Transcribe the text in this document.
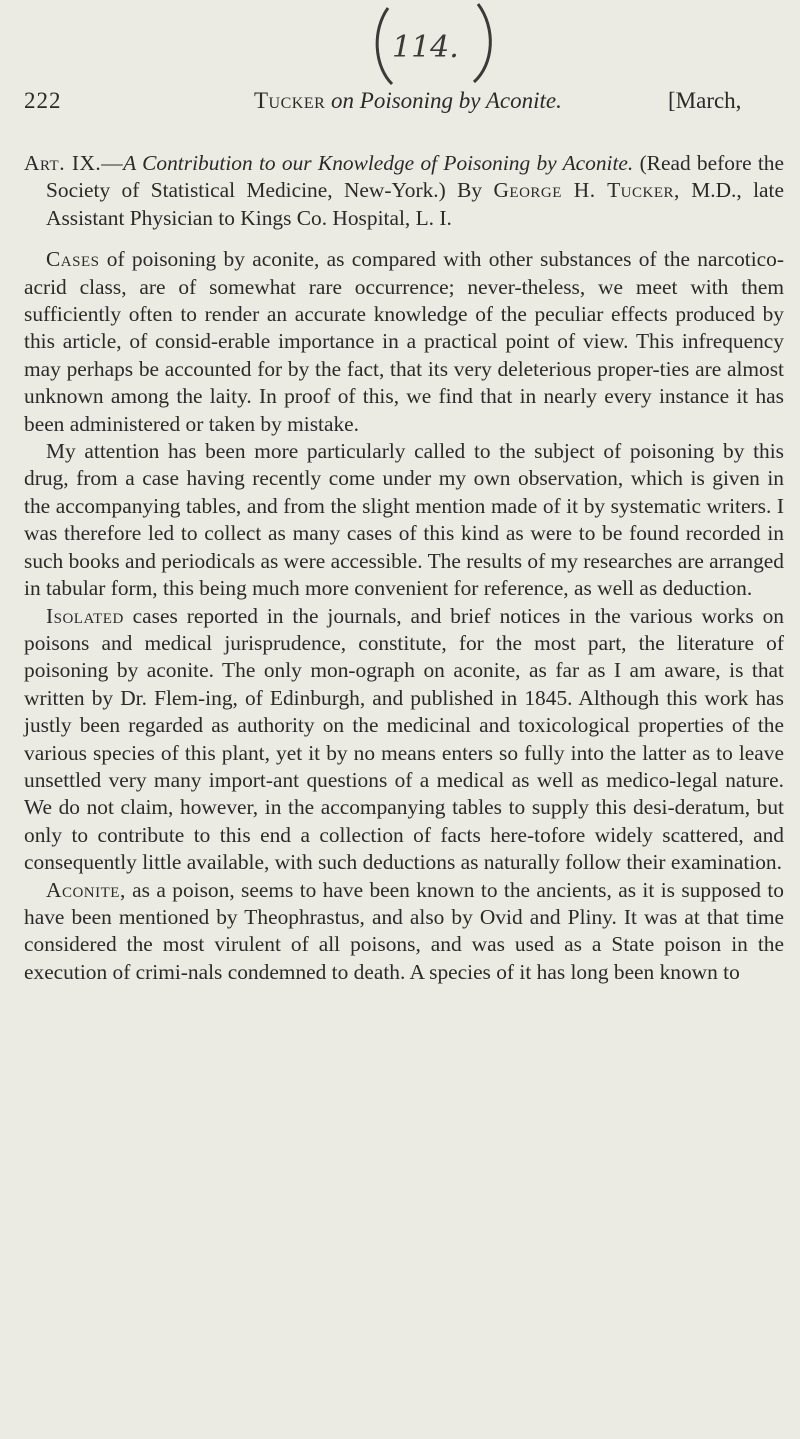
114.
222	Tucker on Poisoning by Aconite.	[March,
Art. IX.—A Contribution to our Knowledge of Poisoning by Aconite. (Read before the Society of Statistical Medicine, New-York.) By George H. Tucker, M.D., late Assistant Physician to Kings Co. Hospital, L. I.

Cases of poisoning by aconite, as compared with other substances of the narcotico-acrid class, are of somewhat rare occurrence; never-theless, we meet with them sufficiently often to render an accurate knowledge of the peculiar effects produced by this article, of consid-erable importance in a practical point of view. This infrequency may perhaps be accounted for by the fact, that its very deleterious proper-ties are almost unknown among the laity. In proof of this, we find that in nearly every instance it has been administered or taken by mistake.

My attention has been more particularly called to the subject of poisoning by this drug, from a case having recently come under my own observation, which is given in the accompanying tables, and from the slight mention made of it by systematic writers. I was therefore led to collect as many cases of this kind as were to be found recorded in such books and periodicals as were accessible. The results of my researches are arranged in tabular form, this being much more convenient for reference, as well as deduction.

Isolated cases reported in the journals, and brief notices in the various works on poisons and medical jurisprudence, constitute, for the most part, the literature of poisoning by aconite. The only mon-ograph on aconite, as far as I am aware, is that written by Dr. Flem-ing, of Edinburgh, and published in 1845. Although this work has justly been regarded as authority on the medicinal and toxicological properties of the various species of this plant, yet it by no means enters so fully into the latter as to leave unsettled very many import-ant questions of a medical as well as medico-legal nature. We do not claim, however, in the accompanying tables to supply this desi-deratum, but only to contribute to this end a collection of facts here-tofore widely scattered, and consequently little available, with such deductions as naturally follow their examination.

Aconite, as a poison, seems to have been known to the ancients, as it is supposed to have been mentioned by Theophrastus, and also by Ovid and Pliny. It was at that time considered the most virulent of all poisons, and was used as a State poison in the execution of crimi-nals condemned to death. A species of it has long been known to
